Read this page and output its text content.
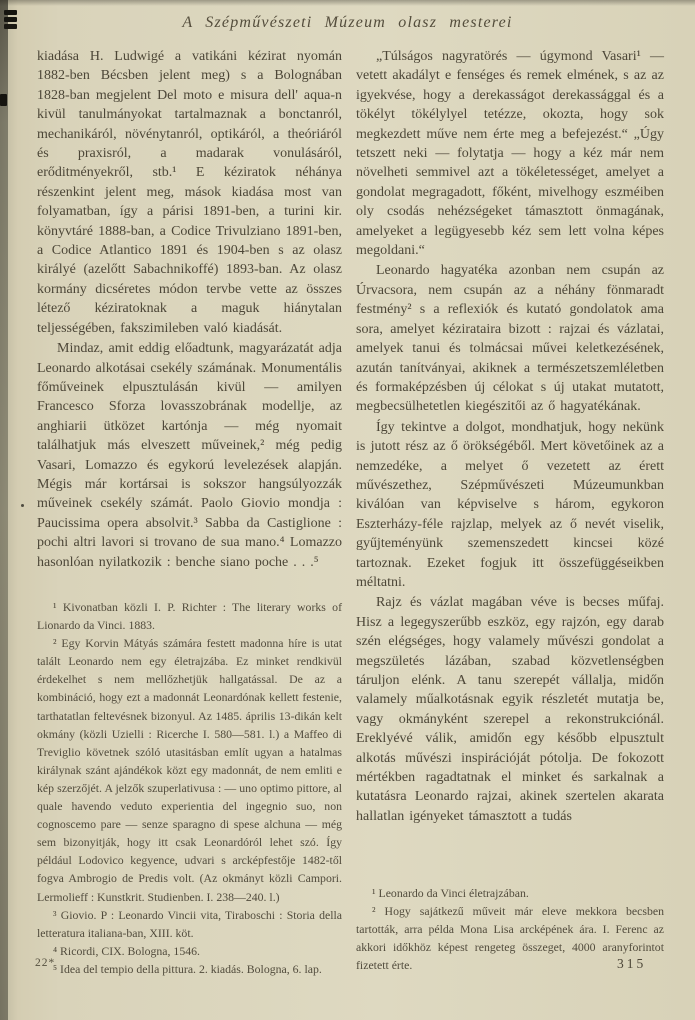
A Szépművészeti Múzeum olasz mesterei

kiadása H. Ludwigé a vatikáni kézirat nyomán 1882-ben Bécsben jelent meg) s a Bolognában 1828-ban megjelent Del moto e misura dell' aqua-n kivül tanulmányokat tartalmaznak a bonctanról, mechanikáról, növénytanról, optikáról, a theóriáról és praxisról, a madarak vonulásáról, erőditményekről, stb.¹ E kéziratok néhánya részenkint jelent meg, mások kiadása most van folyamatban, így a párisi 1891-ben, a turini kir. könyvtáré 1888-ban, a Codice Trivulziano 1891-ben, a Codice Atlantico 1891 és 1904-ben s az olasz királyé (azelőtt Sabachnikoffé) 1893-ban. Az olasz kormány dicséretes módon tervbe vette az összes létező kéziratoknak a maguk hiánytalan teljességében, fakszimileben való kiadását.

Mindaz, amit eddig előadtunk, magyarázatát adja Leonardo alkotásai csekély számának. Monumentális főműveinek elpusztulásán kivül — amilyen Francesco Sforza lovasszobrának modellje, az anghiarii ütközet kartónja — még nyomait találhatjuk más elveszett műveinek,² még pedig Vasari, Lomazzo és egykorú levelezések alapján. Mégis már kortársai is sokszor hangsúlyozzák műveinek csekély számát. Paolo Giovio mondja : Paucissima opera absolvit.³ Sabba da Castiglione : pochi altri lavori si trovano de sua mano.⁴ Lomazzo hasonlóan nyilatkozik : benche siano poche . . .⁵

¹ Kivonatban közli I. P. Richter : The literary works of Lionardo da Vinci. 1883.

² Egy Korvin Mátyás számára festett madonna híre is utat talált Leonardo nem egy életrajzába. Ez minket rendkivül érdekelhet s nem mellőzhetjük hallgatással. De az a kombináció, hogy ezt a madonnát Leonardónak kellett festenie, tarthatatlan feltevésnek bizonyul. Az 1485. április 13-dikán kelt okmány (közli Uzielli : Ricerche I. 580—581. l.) a Maffeo di Treviglio követnek szóló utasitásban említ ugyan a hatalmas királynak szánt ajándékok közt egy madonnát, de nem emliti e kép szerzőjét. A jelzők szuperlativusa : — uno optimo pittore, al quale havendo veduto experientia del ingegnio suo, non cognoscemo pare — senze sparagno di spese alchuna — még sem bizonyitják, hogy itt csak Leonardóról lehet szó. Így például Lodovico kegyence, udvari s arcképfestője 1482-től fogva Ambrogio de Predis volt. (Az okmányt közli Campori. Lermolieff : Kunstkrit. Studienben. I. 238—240. l.)

³ Giovio. P : Leonardo Vincii vita, Tiraboschi : Storia della letteratura italiana-ban, XIII. köt.

⁴ Ricordi, CIX. Bologna, 1546.

⁵ Idea del tempio della pittura. 2. kiadás. Bologna, 6. lap.

„Túlságos nagyratörés — úgymond Vasari¹ — vetett akadályt e fenséges és remek elmének, s az az igyekvése, hogy a derekasságot derekassággal és a tökélyt tökélylyel tetézze, okozta, hogy sok megkezdett műve nem érte meg a befejezést.“ „Úgy tetszett neki — folytatja — hogy a kéz már nem növelheti semmivel azt a tökéletességet, amelyet a gondolat megragadott, főként, mivelhogy eszméiben oly csodás nehézségeket támasztott önmagának, amelyeket a legügyesebb kéz sem lett volna képes megoldani.“

Leonardo hagyatéka azonban nem csupán az Úrvacsora, nem csupán az a néhány fönmaradt festmény² s a reflexiók és kutató gondolatok ama sora, amelyet kézirataira bizott : rajzai és vázlatai, amelyek tanui és tolmácsai művei keletkezésének, azután tanítványai, akiknek a természetszemléletben és formaképzésben új célokat s új utakat mutatott, megbecsülhetetlen kiegészitői az ő hagyatékának.

Így tekintve a dolgot, mondhatjuk, hogy nekünk is jutott rész az ő örökségéből. Mert követőinek az a nemzedéke, a melyet ő vezetett az érett művészethez, Szépművészeti Múzeumunkban kiválóan van képviselve s három, egykoron Eszterházy-féle rajzlap, melyek az ő nevét viselik, gyűjteményünk szemenszedett kincsei közé tartoznak. Ezeket fogjuk itt összefüggéseikben méltatni.

Rajz és vázlat magában véve is becses műfaj. Hisz a legegyszerűbb eszköz, egy rajzón, egy darab szén elégséges, hogy valamely művészi gondolat a megszületés lázában, szabad közvetlenségben táruljon elénk. A tanu szerepét vállalja, midőn valamely műalkotásnak egyik részletét mutatja be, vagy okmányként szerepel a rekonstrukciónál. Ereklyévé válik, amidőn egy később elpusztult alkotás művészi inspirációját pótolja. De fokozott mértékben ragadtatnak el minket és sarkalnak a kutatásra Leonardo rajzai, akinek szertelen akarata hallatlan igényeket támasztott a tudás

¹ Leonardo da Vinci életrajzában.

² Hogy sajátkezű műveit már eleve mekkora becsben tartották, arra példa Mona Lisa arcképének ára. I. Ferenc az akkori időkhöz képest rengeteg összeget, 4000 aranyforintot fizetett érte.

22*	315
